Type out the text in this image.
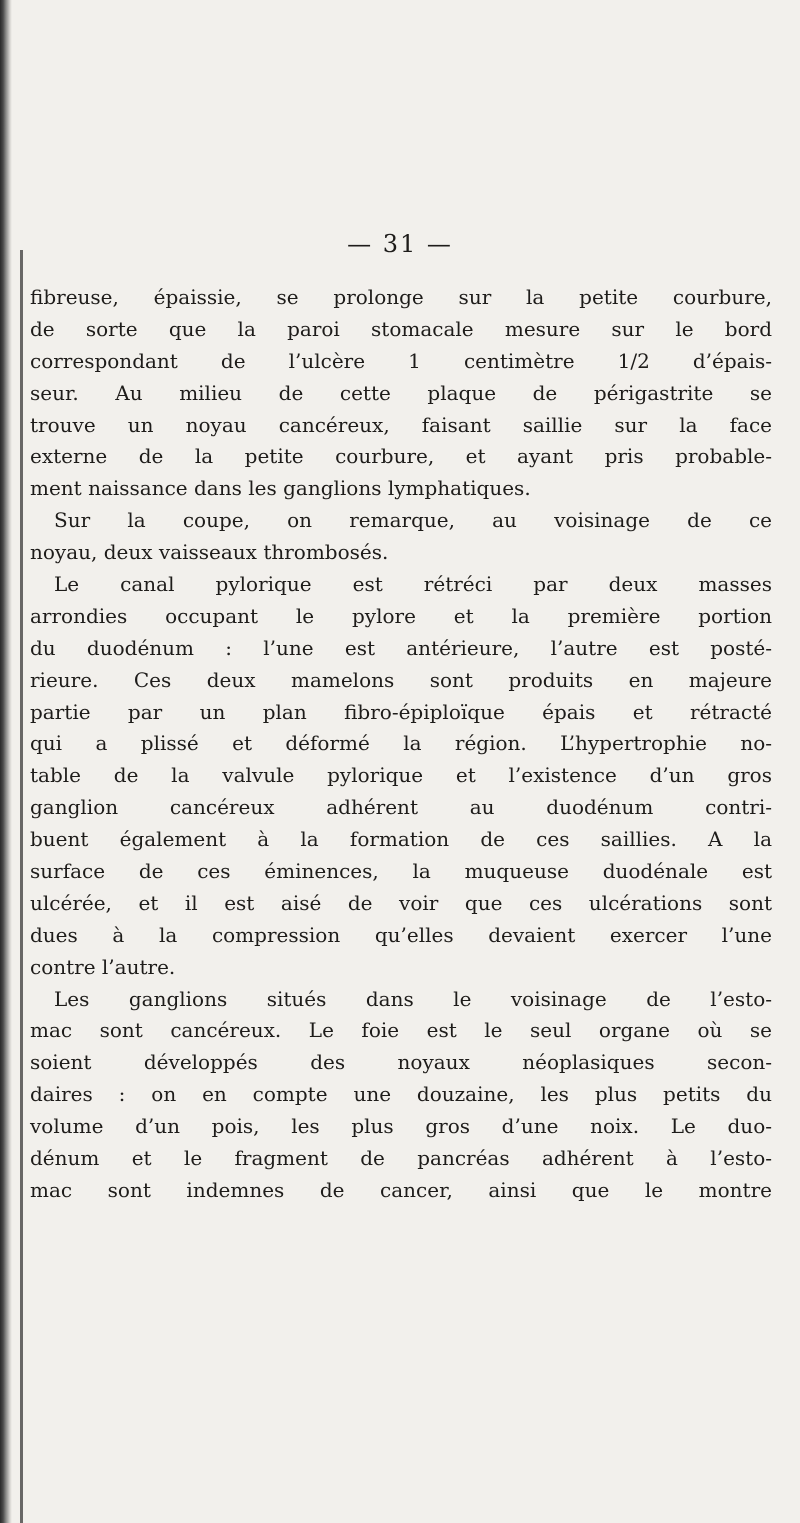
— 31 —
fibreuse, épaissie, se prolonge sur la petite courbure,
de sorte que la paroi stomacale mesure sur le bord
correspondant de l’ulcère 1 centimètre 1/2 d’épais-
seur. Au milieu de cette plaque de périgastrite se
trouve un noyau cancéreux, faisant saillie sur la face
externe de la petite courbure, et ayant pris probable-
ment naissance dans les ganglions lymphatiques.
Sur la coupe, on remarque, au voisinage de ce
noyau, deux vaisseaux thrombosés.
Le canal pylorique est rétréci par deux masses
arrondies occupant le pylore et la première portion
du duodénum : l’une est antérieure, l’autre est posté-
rieure. Ces deux mamelons sont produits en majeure
partie par un plan fibro-épiploïque épais et rétracté
qui a plissé et déformé la région. L’hypertrophie no-
table de la valvule pylorique et l’existence d’un gros
ganglion cancéreux adhérent au duodénum contri-
buent également à la formation de ces saillies. A la
surface de ces éminences, la muqueuse duodénale est
ulcérée, et il est aisé de voir que ces ulcérations sont
dues à la compression qu’elles devaient exercer l’une
contre l’autre.
Les ganglions situés dans le voisinage de l’esto-
mac sont cancéreux. Le foie est le seul organe où se
soient développés des noyaux néoplasiques secon-
daires : on en compte une douzaine, les plus petits du
volume d’un pois, les plus gros d’une noix. Le duo-
dénum et le fragment de pancréas adhérent à l’esto-
mac sont indemnes de cancer, ainsi que le montre
